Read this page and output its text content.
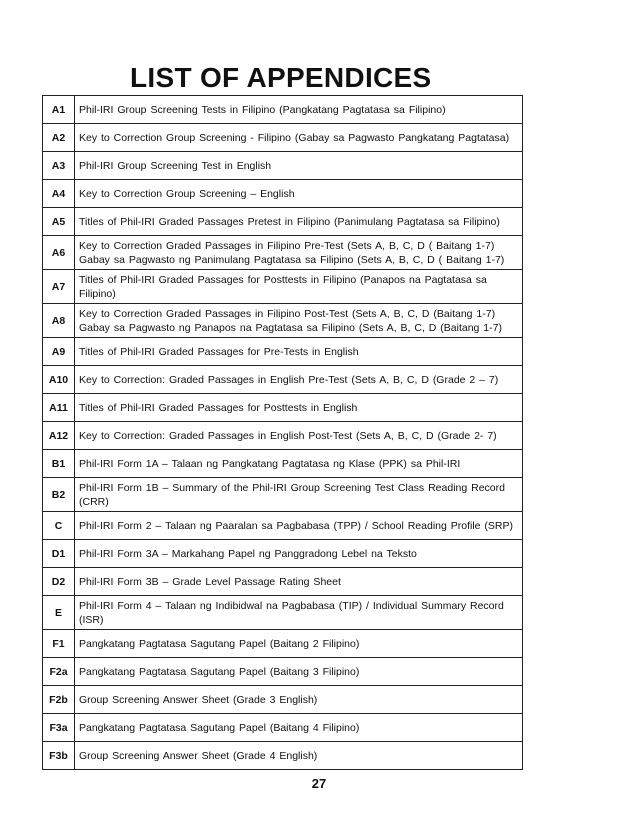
LIST OF APPENDICES
A1	Phil-IRI Group Screening Tests in Filipino (Pangkatang Pagtatasa sa Filipino)

A2	Key to Correction Group Screening - Filipino (Gabay sa Pagwasto Pangkatang Pagtatasa)

A3	Phil-IRI Group Screening Test in English

A4	Key to Correction Group Screening – English

A5	Titles of Phil-IRI Graded Passages Pretest in Filipino (Panimulang Pagtatasa sa Filipino)

A6	Key to Correction Graded Passages in Filipino Pre-Test (Sets A, B, C, D ( Baitang 1-7)
Gabay sa Pagwasto ng Panimulang Pagtatasa sa Filipino (Sets A, B, C, D ( Baitang 1-7)

A7	Titles of Phil-IRI Graded Passages for Posttests in Filipino (Panapos na Pagtatasa sa
Filipino)

A8	Key to Correction Graded Passages in Filipino Post-Test (Sets A, B, C, D (Baitang 1-7)
Gabay sa Pagwasto ng Panapos na Pagtatasa sa Filipino (Sets A, B, C, D (Baitang 1-7)

A9	Titles of Phil-IRI Graded Passages for Pre-Tests in English

A10	Key to Correction: Graded Passages in English Pre-Test (Sets A, B, C, D (Grade 2 – 7)

A11	Titles of Phil-IRI Graded Passages for Posttests in English

A12	Key to Correction: Graded Passages in English Post-Test (Sets A, B, C, D (Grade 2- 7)

B1	Phil-IRI Form 1A – Talaan ng Pangkatang Pagtatasa ng Klase (PPK) sa Phil-IRI

B2	Phil-IRI Form 1B – Summary of the Phil-IRI Group Screening Test Class Reading Record
(CRR)

C	Phil-IRI Form 2 – Talaan ng Paaralan sa Pagbabasa (TPP) / School Reading Profile (SRP)

D1	Phil-IRI Form 3A – Markahang Papel ng Panggradong Lebel na Teksto

D2	Phil-IRI Form 3B – Grade Level Passage Rating Sheet

E	Phil-IRI Form 4 – Talaan ng Indibidwal na Pagbabasa (TIP) / Individual Summary Record
(ISR)

F1	Pangkatang Pagtatasa Sagutang Papel (Baitang 2 Filipino)

F2a	Pangkatang Pagtatasa Sagutang Papel (Baitang 3 Filipino)

F2b	Group Screening Answer Sheet (Grade 3 English)

F3a	Pangkatang Pagtatasa Sagutang Papel (Baitang 4 Filipino)

F3b	Group Screening Answer Sheet (Grade 4 English)
27
